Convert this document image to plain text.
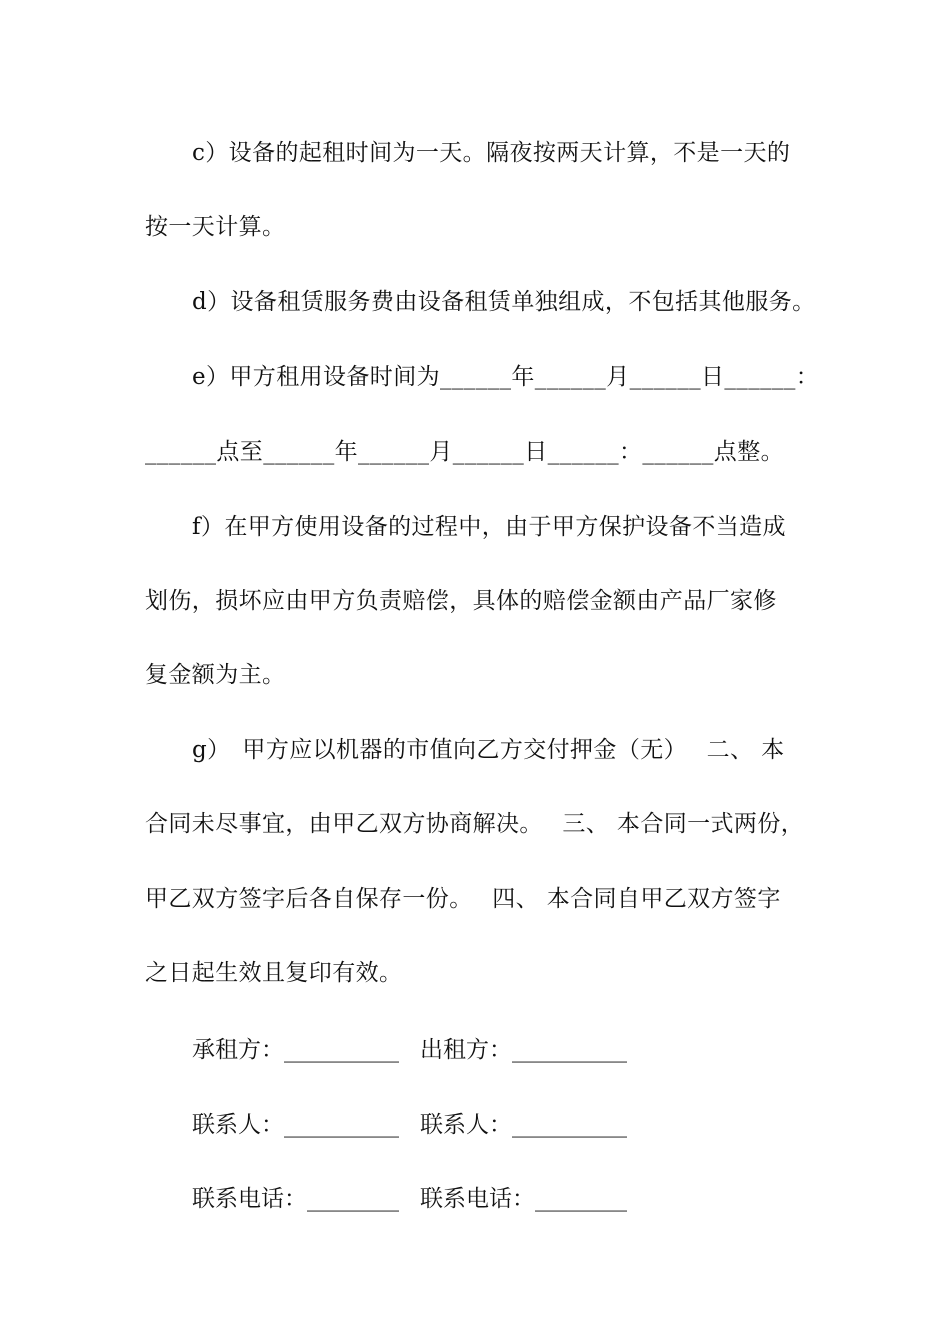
c）设备的起租时间为一天。隔夜按两天计算，不是一天的
按一天计算。
d）设备租赁服务费由设备租赁单独组成，不包括其他服务。
e）甲方租用设备时间为______年______月______日______：
______点至______年______月______日______：______点整。
f）在甲方使用设备的过程中，由于甲方保护设备不当造成
划伤，损坏应由甲方负责赔偿，具体的赔偿金额由产品厂家修
复金额为主。
g）　甲方应以机器的市值向乙方交付押金（无）　 二、 本
合同未尽事宜，由甲乙双方协商解决。　 三、 本合同一式两份，
甲乙双方签字后各自保存一份。　 四、 本合同自甲乙双方签字
之日起生效且复印有效。
承租方：__________ 出租方：__________
联系人：__________ 联系人：__________
联系电话：________ 联系电话：________
